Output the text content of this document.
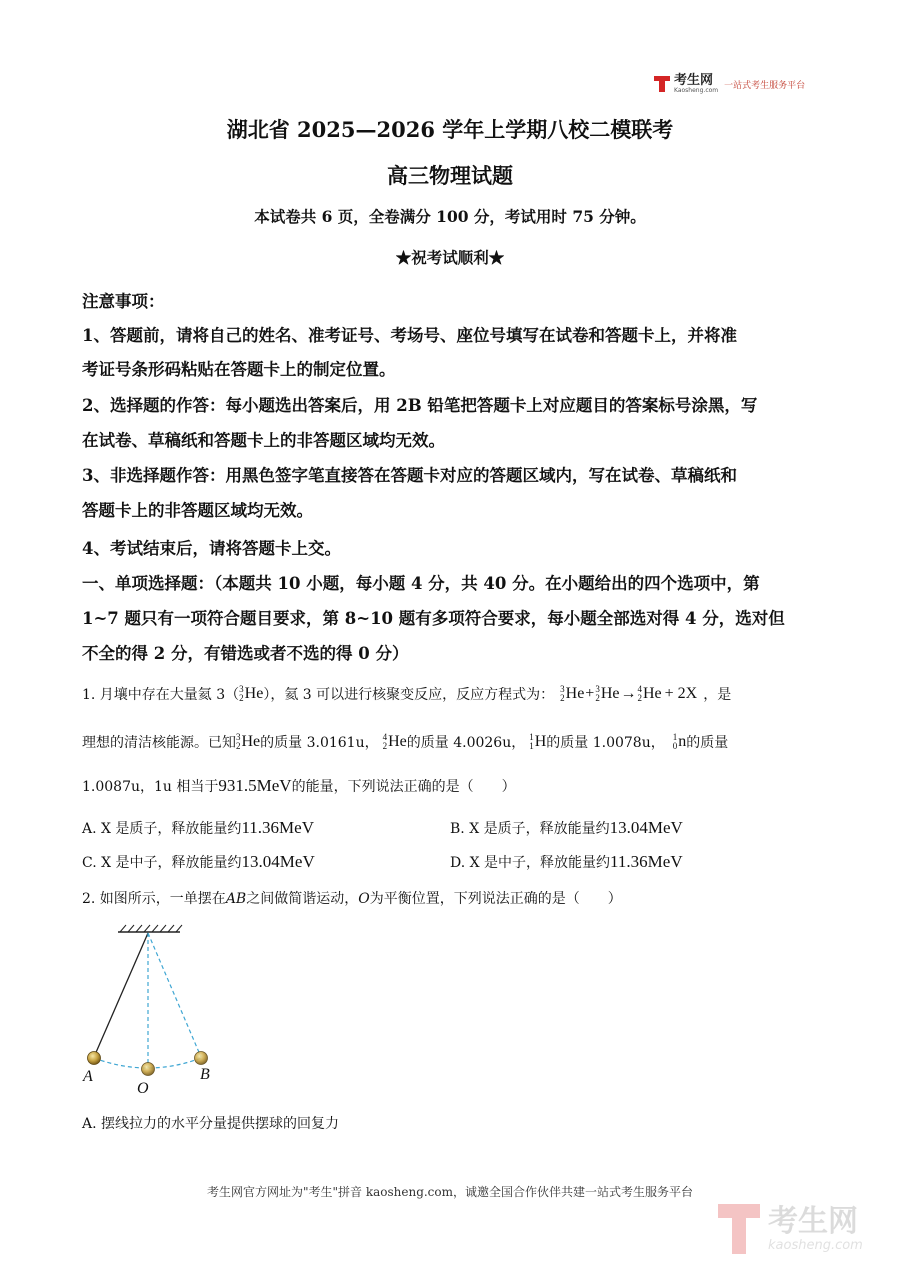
考生网
Kaosheng.com 一站式考生服务平台
湖北省 2025—2026 学年上学期八校二模联考
高三物理试题
本试卷共 6 页，全卷满分 100 分，考试用时 75 分钟。
★祝考试顺利★
注意事项：
1、答题前，请将自己的姓名、准考证号、考场号、座位号填写在试卷和答题卡上，并将准
考证号条形码粘贴在答题卡上的制定位置。
2、选择题的作答：每小题选出答案后，用 2B 铅笔把答题卡上对应题目的答案标号涂黑，写
在试卷、草稿纸和答题卡上的非答题区域均无效。
3、非选择题作答：用黑色签字笔直接答在答题卡对应的答题区域内，写在试卷、草稿纸和
答题卡上的非答题区域均无效。
4、考试结束后，请将答题卡上交。
一、单项选择题：（本题共 10 小题，每小题 4 分，共 40 分。在小题给出的四个选项中，第
1~7 题只有一项符合题目要求，第 8~10 题有多项符合要求，每小题全部选对得 4 分，选对但
不全的得 2 分，有错选或者不选的得 0 分）
1. 月壤中存在大量氦 3（ 3
2 He ），氦 3 可以进行核聚变反应，反应方程式为： 3
2 He + 3
2 He → 4
2 He + 2X ，是
理想的清洁核能源。已知 3
2 He 的质量 3.0161u， 4
2 He 的质量 4.0026u， 1
1 H 的质量 1.0078u， 1
0 n 的质量
1.0087u，1u 相当于 931.5MeV 的能量，下列说法正确的是（　　）
A. X 是质子，释放能量约11.36MeV	B. X 是质子，释放能量约13.04MeV
C. X 是中子，释放能量约13.04MeV	D. X 是中子，释放能量约11.36MeV
2. 如图所示，一单摆在AB之间做简谐运动，O为平衡位置，下列说法正确的是（　　）
A
O
B
A. 摆线拉力的水平分量提供摆球的回复力
考生网官方网址为"考生"拼音 kaosheng.com，诚邀全国合作伙伴共建一站式考生服务平台
考生网
kaosheng.com
